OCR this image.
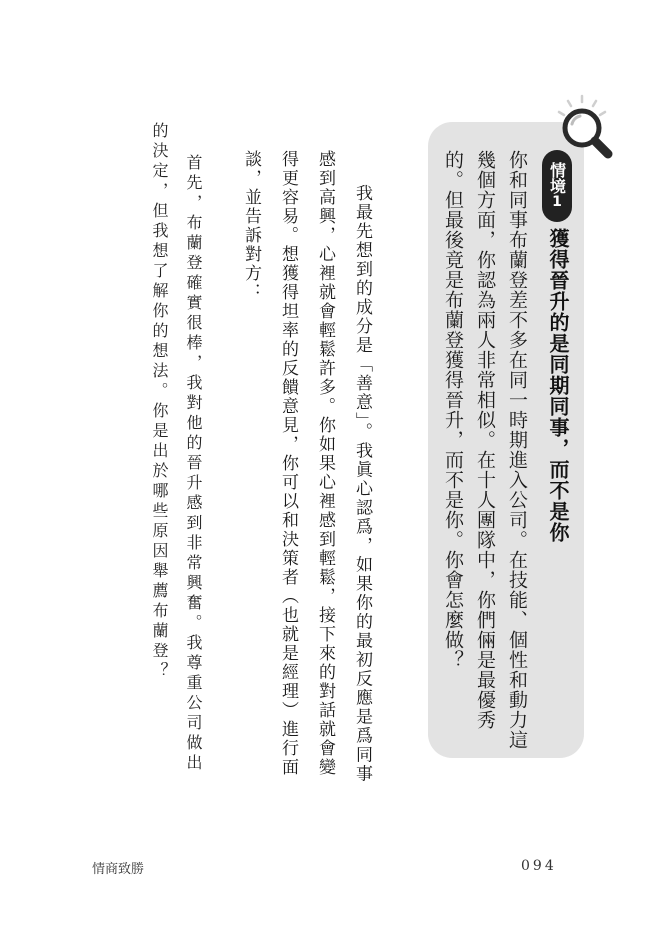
情境
1
獲得晉升的是同期同事，而不是你
你和同事布蘭登差不多在同一時期進入公司。在技能、個性和動力這幾個方面，你認為兩人非常相似。在十人團隊中，你們倆是最優秀的。但最後竟是布蘭登獲得晉升，而不是你。你會怎麼做？

我最先想到的成分是「善意」。我眞心認爲，如果你的最初反應是爲同事感到高興，心裡就會輕鬆許多。你如果心裡感到輕鬆，接下來的對話就會變得更容易。想獲得坦率的反饋意見，你可以和決策者（也就是經理）進行面談，並告訴對方：

首先，布蘭登確實很棒，我對他的晉升感到非常興奮。我尊重公司做出的決定，但我想了解你的想法。你是出於哪些原因舉薦布蘭登？
情商致勝	094
